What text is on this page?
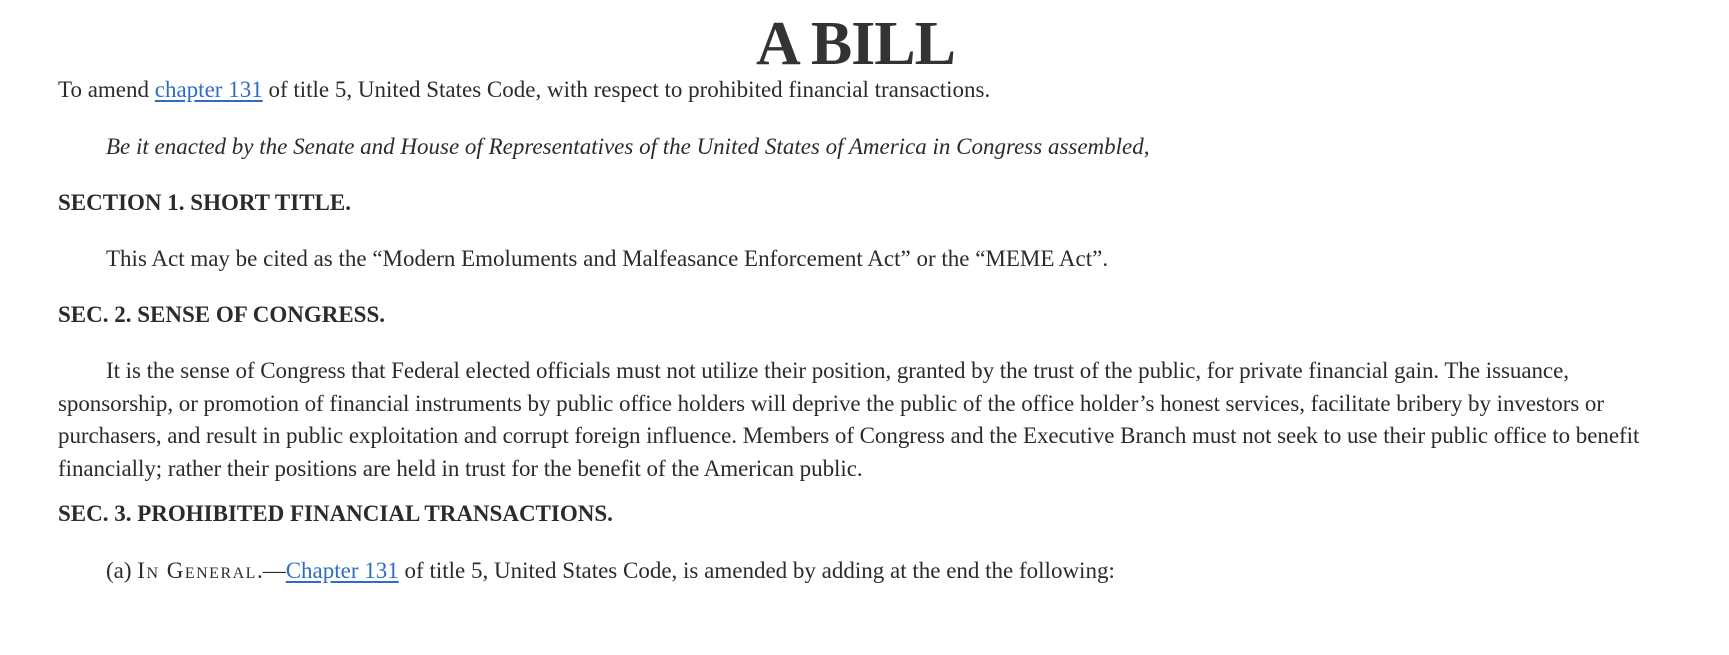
A BILL
To amend chapter 131 of title 5, United States Code, with respect to prohibited financial transactions.
Be it enacted by the Senate and House of Representatives of the United States of America in Congress assembled,
SECTION 1. SHORT TITLE.
This Act may be cited as the “Modern Emoluments and Malfeasance Enforcement Act” or the “MEME Act”.
SEC. 2. SENSE OF CONGRESS.
It is the sense of Congress that Federal elected officials must not utilize their position, granted by the trust of the public, for private financial gain. The issuance, sponsorship, or promotion of financial instruments by public office holders will deprive the public of the office holder’s honest services, facilitate bribery by investors or purchasers, and result in public exploitation and corrupt foreign influence. Members of Congress and the Executive Branch must not seek to use their public office to benefit financially; rather their positions are held in trust for the benefit of the American public.
SEC. 3. PROHIBITED FINANCIAL TRANSACTIONS.
(a) In General.—Chapter 131 of title 5, United States Code, is amended by adding at the end the following:
